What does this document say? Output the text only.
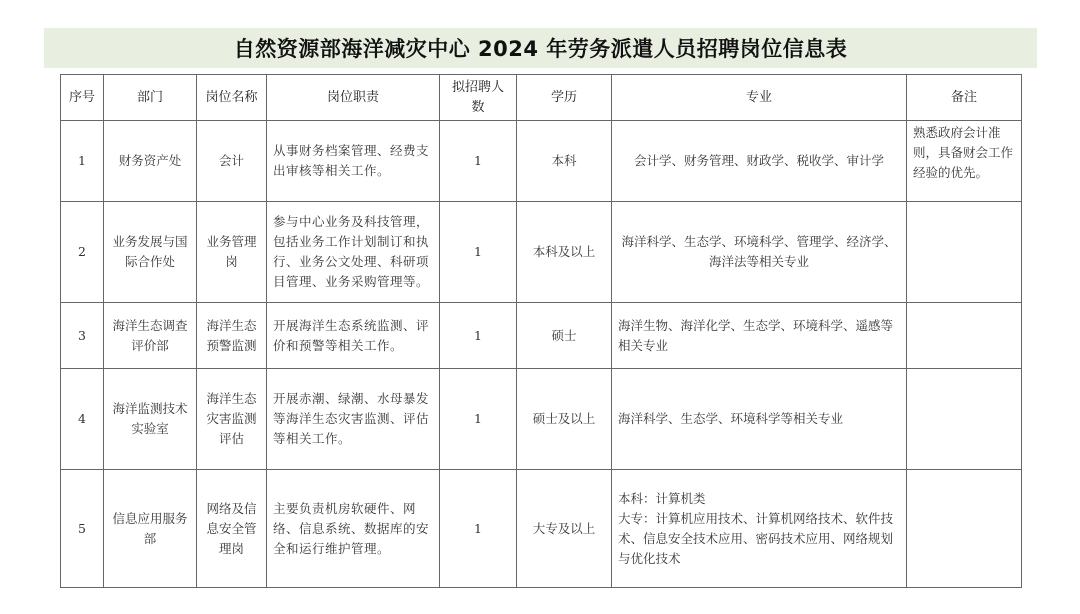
自然资源部海洋减灾中心 2024 年劳务派遣人员招聘岗位信息表
序号	部门	岗位名称	岗位职责	拟招聘人数	学历	专业	备注
1	财务资产处	会计	从事财务档案管理、经费支出审核等相关工作。	1	本科	会计学、财务管理、财政学、税收学、审计学	熟悉政府会计准则，具备财会工作经验的优先。
2	业务发展与国际合作处	业务管理岗	参与中心业务及科技管理，包括业务工作计划制订和执行、业务公文处理、科研项目管理、业务采购管理等。	1	本科及以上	海洋科学、生态学、环境科学、管理学、经济学、海洋法等相关专业	

3	海洋生态调查评价部	海洋生态预警监测	开展海洋生态系统监测、评价和预警等相关工作。	1	硕士	海洋生物、海洋化学、生态学、环境科学、遥感等相关专业	

4	海洋监测技术实验室	海洋生态灾害监测评估	开展赤潮、绿潮、水母暴发等海洋生态灾害监测、评估等相关工作。	1	硕士及以上	海洋科学、生态学、环境科学等相关专业	

5	信息应用服务部	网络及信息安全管理岗	主要负责机房软硬件、网络、信息系统、数据库的安全和运行维护管理。	1	大专及以上	本科：计算机类
大专：计算机应用技术、计算机网络技术、软件技术、信息安全技术应用、密码技术应用、网络规划与优化技术	
